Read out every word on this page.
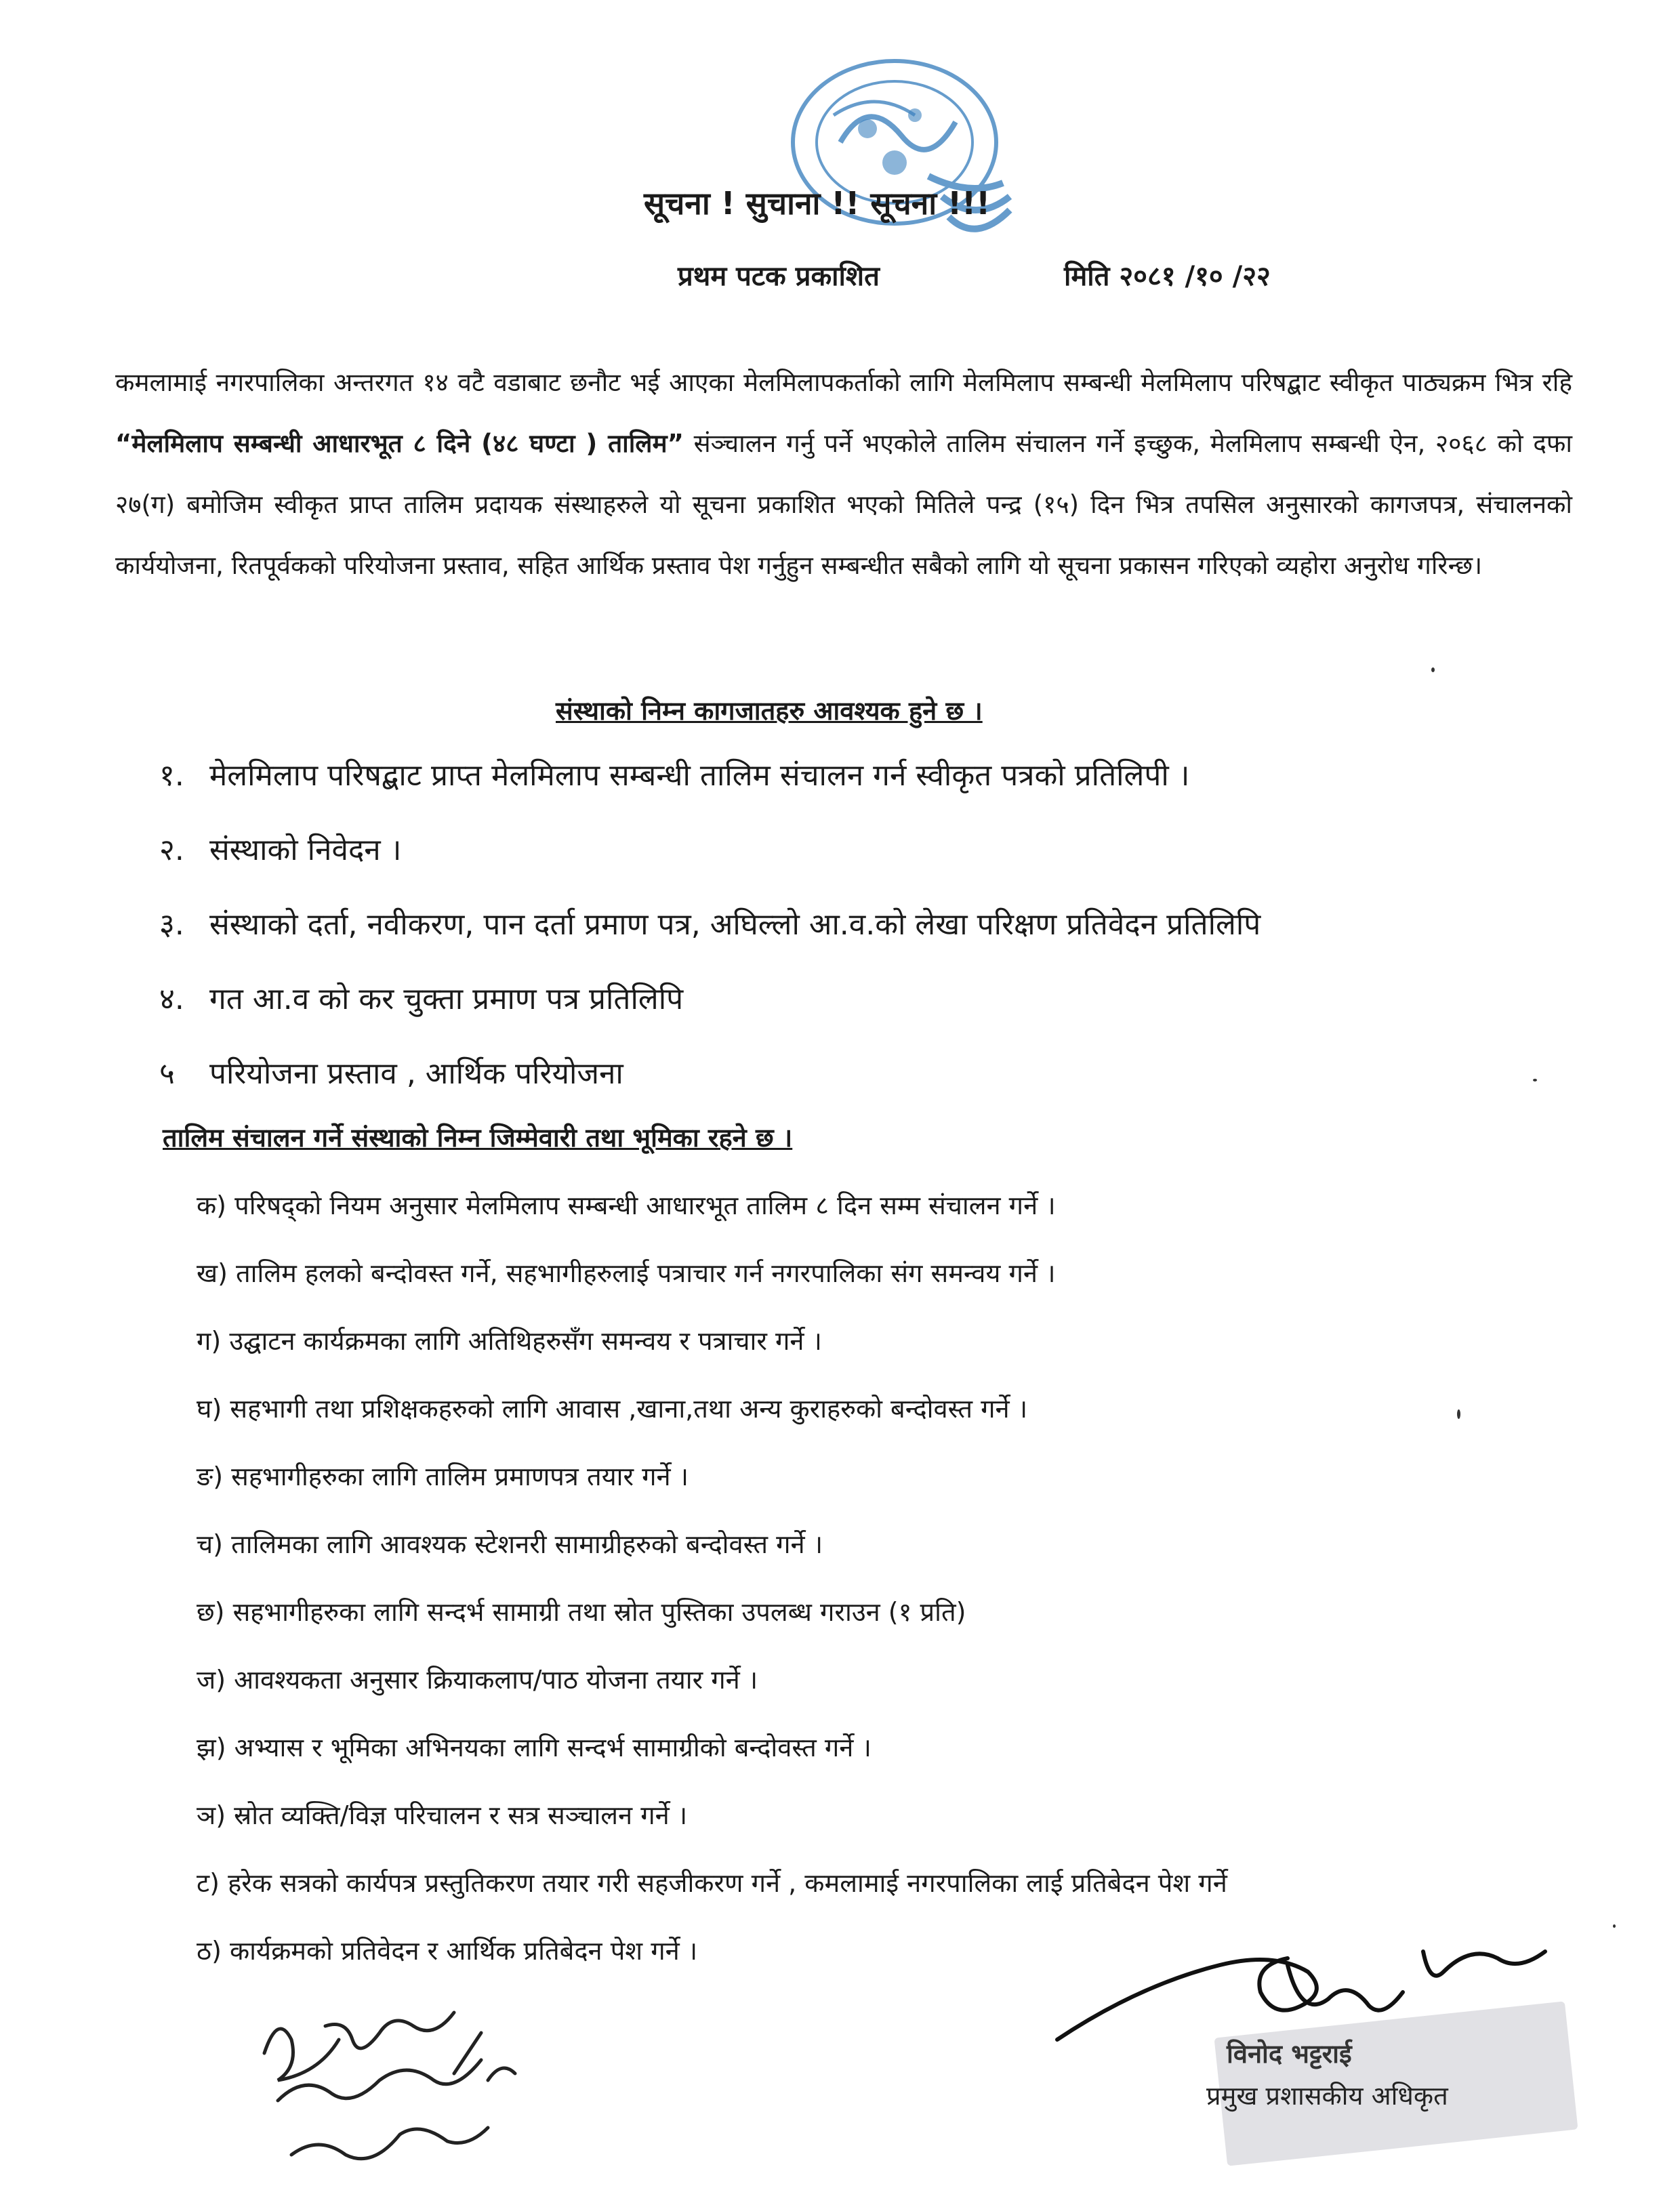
सूचना ! सुचाना !! सूचना !!!
प्रथम पटक प्रकाशित	मिति २०८१ /१० /२२
कमलामाई नगरपालिका अन्तरगत १४ वटै वडाबाट छनौट भई आएका मेलमिलापकर्ताको लागि मेलमिलाप सम्बन्धी मेलमिलाप परिषद्बाट स्वीकृत पाठ्यक्रम भित्र रहि “मेलमिलाप सम्बन्धी आधारभूत ८ दिने (४८ घण्टा ) तालिम” संञ्चालन गर्नु पर्ने भएकोले तालिम संचालन गर्ने इच्छुक, मेलमिलाप सम्बन्धी ऐन, २०६८ को दफा २७(ग) बमोजिम स्वीकृत प्राप्त तालिम प्रदायक संस्थाहरुले यो सूचना प्रकाशित भएको मितिले पन्द्र (१५) दिन भित्र तपसिल अनुसारको कागजपत्र, संचालनको कार्ययोजना, रितपूर्वकको परियोजना प्रस्ताव, सहित आर्थिक प्रस्ताव पेश गर्नुहुन सम्बन्धीत सबैको लागि यो सूचना प्रकासन गरिएको व्यहोरा अनुरोध गरिन्छ।
संस्थाको निम्न कागजातहरु आवश्यक हुने छ ।
१. मेलमिलाप परिषद्बाट प्राप्त मेलमिलाप सम्बन्धी तालिम संचालन गर्न स्वीकृत पत्रको प्रतिलिपी ।
२. संस्थाको निवेदन ।
३. संस्थाको दर्ता, नवीकरण, पान दर्ता प्रमाण पत्र, अघिल्लो आ.व.को लेखा परिक्षण प्रतिवेदन प्रतिलिपि
४. गत आ.व को कर चुक्ता प्रमाण पत्र प्रतिलिपि
५ परियोजना प्रस्ताव , आर्थिक परियोजना
तालिम संचालन गर्ने संस्थाको निम्न जिम्मेवारी तथा भूमिका रहने छ ।
क) परिषद्को नियम अनुसार मेलमिलाप सम्बन्धी आधारभूत तालिम ८ दिन सम्म संचालन गर्ने ।
ख) तालिम हलको बन्दोवस्त गर्ने, सहभागीहरुलाई पत्राचार गर्न नगरपालिका संग समन्वय गर्ने ।
ग) उद्घाटन कार्यक्रमका लागि अतिथिहरुसँग समन्वय र पत्राचार गर्ने ।
घ) सहभागी तथा प्रशिक्षकहरुको लागि आवास ,खाना,तथा अन्य कुराहरुको बन्दोवस्त गर्ने ।
ङ) सहभागीहरुका लागि तालिम प्रमाणपत्र तयार गर्ने ।
च) तालिमका लागि आवश्यक स्टेशनरी सामाग्रीहरुको बन्दोवस्त गर्ने ।
छ) सहभागीहरुका लागि सन्दर्भ सामाग्री तथा स्रोत पुस्तिका उपलब्ध गराउन (१ प्रति)
ज) आवश्यकता अनुसार क्रियाकलाप/पाठ योजना तयार गर्ने ।
झ) अभ्यास र भूमिका अभिनयका लागि सन्दर्भ सामाग्रीको बन्दोवस्त गर्ने ।
ञ) स्रोत व्यक्ति/विज्ञ परिचालन र सत्र सञ्चालन गर्ने ।
ट) हरेक सत्रको कार्यपत्र प्रस्तुतिकरण तयार गरी सहजीकरण गर्ने , कमलामाई नगरपालिका लाई प्रतिबेदन पेश गर्ने
ठ) कार्यक्रमको प्रतिवेदन र आर्थिक प्रतिबेदन पेश गर्ने ।
विनोद भट्टराई
प्रमुख प्रशासकीय अधिकृत
